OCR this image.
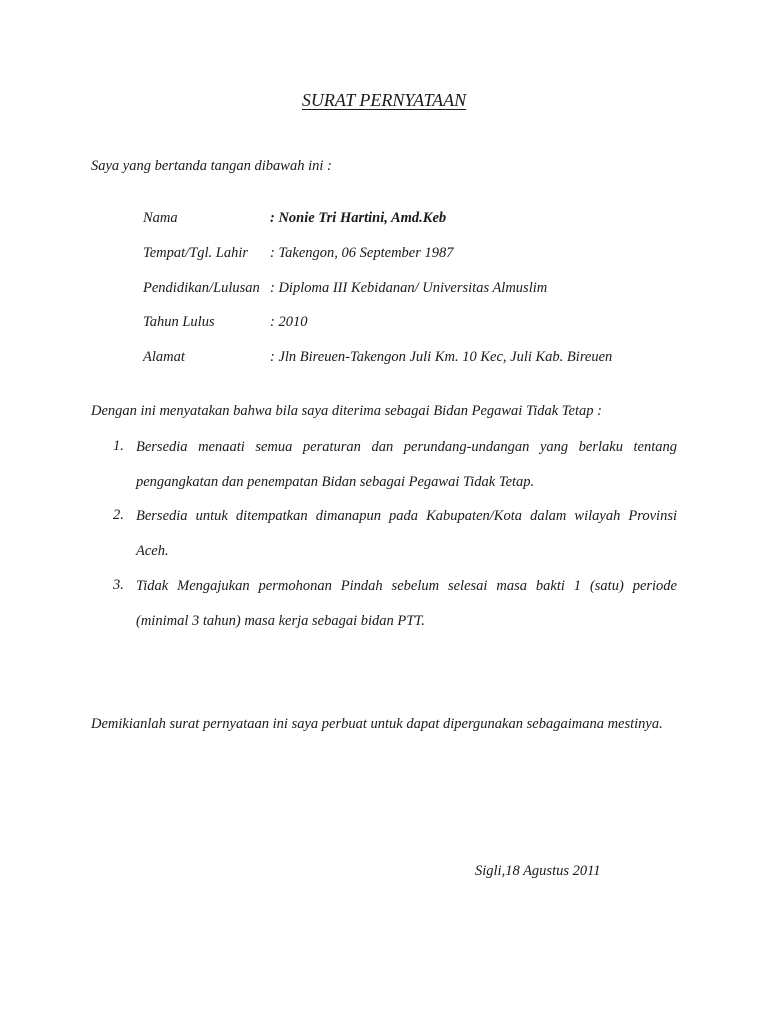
SURAT PERNYATAAN
Saya yang bertanda tangan dibawah ini :
Nama	: Nonie Tri Hartini, Amd.Keb
Tempat/Tgl. Lahir : Takengon, 06 September 1987
Pendidikan/Lulusan : Diploma III Kebidanan/ Universitas Almuslim
Tahun Lulus	: 2010
Alamat	: Jln Bireuen-Takengon Juli Km. 10 Kec, Juli Kab. Bireuen
Dengan ini menyatakan bahwa bila saya diterima sebagai Bidan Pegawai Tidak Tetap :
1. Bersedia menaati semua peraturan dan perundang-undangan yang berlaku tentang pengangkatan dan penempatan Bidan sebagai Pegawai Tidak Tetap.
2. Bersedia untuk ditempatkan dimanapun pada Kabupaten/Kota dalam wilayah Provinsi Aceh.
3. Tidak Mengajukan permohonan Pindah sebelum selesai masa bakti 1 (satu) periode (minimal 3 tahun) masa kerja sebagai bidan PTT.
Demikianlah surat pernyataan ini saya perbuat untuk dapat dipergunakan sebagaimana mestinya.
Sigli,18 Agustus 2011
